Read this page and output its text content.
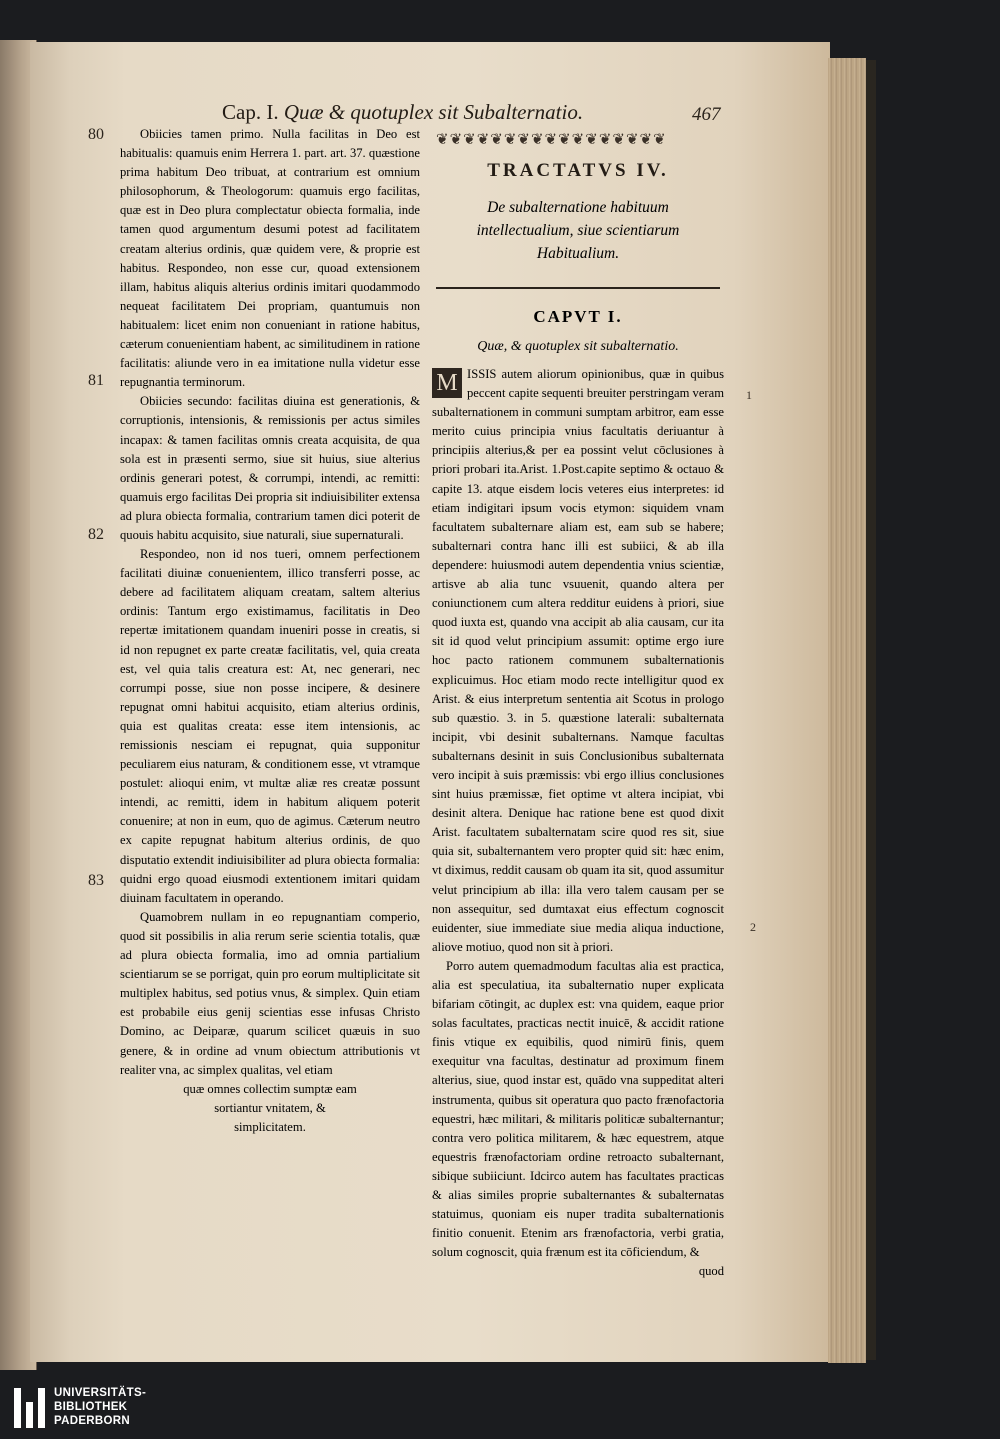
Cap. I. Quæ & quotuplex sit Subalternatio.	467
❦❦❦❦❦❦❦❦❦❦❦❦❦❦❦❦❦
80
81
82
83

Obiicies tamen primo. Nulla facilitas in Deo est habitualis: quamuis enim Herrera 1. part. art. 37. quæstione prima habitum Deo tribuat, at contrarium est omnium philosophorum, & Theologorum: quamuis ergo facilitas, quæ est in Deo plura complectatur obiecta formalia, inde tamen quod argumentum desumi potest ad facilitatem creatam alterius ordinis, quæ quidem vere, & proprie est habitus. Respondeo, non esse cur, quoad extensionem illam, habitus aliquis alterius ordinis imitari quodammodo nequeat facilitatem Dei propriam, quantumuis non habitualem: licet enim non conueniant in ratione habitus, cæterum conuenientiam habent, ac similitudinem in ratione facilitatis: aliunde vero in ea imitatione nulla videtur esse repugnantia terminorum.

Obiicies secundo: facilitas diuina est generationis, & corruptionis, intensionis, & remissionis per actus similes incapax: & tamen facilitas omnis creata acquisita, de qua sola est in præsenti sermo, siue sit huius, siue alterius ordinis generari potest, & corrumpi, intendi, ac remitti: quamuis ergo facilitas Dei propria sit indiuisibiliter extensa ad plura obiecta formalia, contrarium tamen dici poterit de quouis habitu acquisito, siue naturali, siue supernaturali.

Respondeo, non id nos tueri, omnem perfectionem facilitati diuinæ conuenientem, illico transferri posse, ac debere ad facilitatem aliquam creatam, saltem alterius ordinis: Tantum ergo existimamus, facilitatis in Deo repertæ imitationem quandam inueniri posse in creatis, si id non repugnet ex parte creatæ facilitatis, vel, quia creata est, vel quia talis creatura est: At, nec generari, nec corrumpi posse, siue non posse incipere, & desinere repugnat omni habitui acquisito, etiam alterius ordinis, quia est qualitas creata: esse item intensionis, ac remissionis nesciam ei repugnat, quia supponitur peculiarem eius naturam, & conditionem esse, vt vtramque postulet: alioqui enim, vt multæ aliæ res creatæ possunt intendi, ac remitti, idem in habitum aliquem poterit conuenire; at non in eum, quo de agimus. Cæterum neutro ex capite repugnat habitum alterius ordinis, de quo disputatio extendit indiuisibiliter ad plura obiecta formalia: quidni ergo quoad eiusmodi extentionem imitari quidam diuinam facultatem in operando.

Quamobrem nullam in eo repugnantiam comperio, quod sit possibilis in alia rerum serie scientia totalis, quæ ad plura obiecta formalia, imo ad omnia partialium scientiarum se se porrigat, quin pro eorum multiplicitate sit multiplex habitus, sed potius vnus, & simplex. Quin etiam est probabile eius genij scientias esse infusas Christo Domino, ac Deiparæ, quarum scilicet quæuis in suo genere, & in ordine ad vnum obiectum attributionis vt realiter vna, ac simplex qualitas, vel etiam

quæ omnes collectim sumptæ eam

sortiantur vnitatem, &

simplicitatem.

TRACTATVS IV.

De subalternatione habituum intellectualium, siue scientiarum Habitualium.

CAPVT I.

Quæ, & quotuplex sit subalternatio.

M ISSIS autem aliorum opinionibus, quæ in quibus peccent capite sequenti breuiter perstringam veram subalternationem in communi sumptam arbitror, eam esse merito cuius principia vnius facultatis deriuantur à principiis alterius,& per ea possint velut cōclusiones à priori probari ita.Arist. 1.Post.capite septimo & octauo & capite 13. atque eisdem locis veteres eius interpretes: id etiam indigitari ipsum vocis etymon: siquidem vnam facultatem subalternare aliam est, eam sub se habere; subalternari contra hanc illi est subiici, & ab illa dependere: huiusmodi autem dependentia vnius scientiæ, artisve ab alia tunc vsuuenit, quando altera per coniunctionem cum altera redditur euidens à priori, siue quod iuxta est, quando vna accipit ab alia causam, cur ita sit id quod velut principium assumit: optime ergo iure hoc pacto rationem communem subalternationis explicuimus. Hoc etiam modo recte intelligitur quod ex Arist. & eius interpretum sententia ait Scotus in prologo sub quæstio. 3. in 5. quæstione laterali: subalternata incipit, vbi desinit subalternans. Namque facultas subalternans desinit in suis Conclusionibus subalternata vero incipit à suis præmissis: vbi ergo illius conclusiones sint huius præmissæ, fiet optime vt altera incipiat, vbi desinit altera. Denique hac ratione bene est quod dixit Arist. facultatem subalternatam scire quod res sit, siue quia sit, subalternantem vero propter quid sit: hæc enim, vt diximus, reddit causam ob quam ita sit, quod assumitur velut principium ab illa: illa vero talem causam per se non assequitur, sed dumtaxat eius effectum cognoscit euidenter, siue immediate siue media aliqua inductione, aliove motiuo, quod non sit à priori.

Porro autem quemadmodum facultas alia est practica, alia est speculatiua, ita subalternatio nuper explicata bifariam cōtingit, ac duplex est: vna quidem, eaque prior solas facultates, practicas nectit inuicē, & accidit ratione finis vtique ex equibilis, quod nimirū finis, quem exequitur vna facultas, destinatur ad proximum finem alterius, siue, quod instar est, quādo vna suppeditat alteri instrumenta, quibus sit operatura quo pacto frænofactoria equestri, hæc militari, & militaris politicæ subalternantur; contra vero politica militarem, & hæc equestrem, atque equestris frænofactoriam ordine retroacto subalternant, sibique subiiciunt. Idcirco autem has facultates practicas & alias similes proprie subalternantes & subalternatas statuimus, quoniam eis nuper tradita subalternationis finitio conuenit. Etenim ars frænofactoria, verbi gratia, solum cognoscit, quia frænum est ita cōficiendum, &

quod

1
2
UNIVERSITÄTS-
BIBLIOTHEK
PADERBORN
